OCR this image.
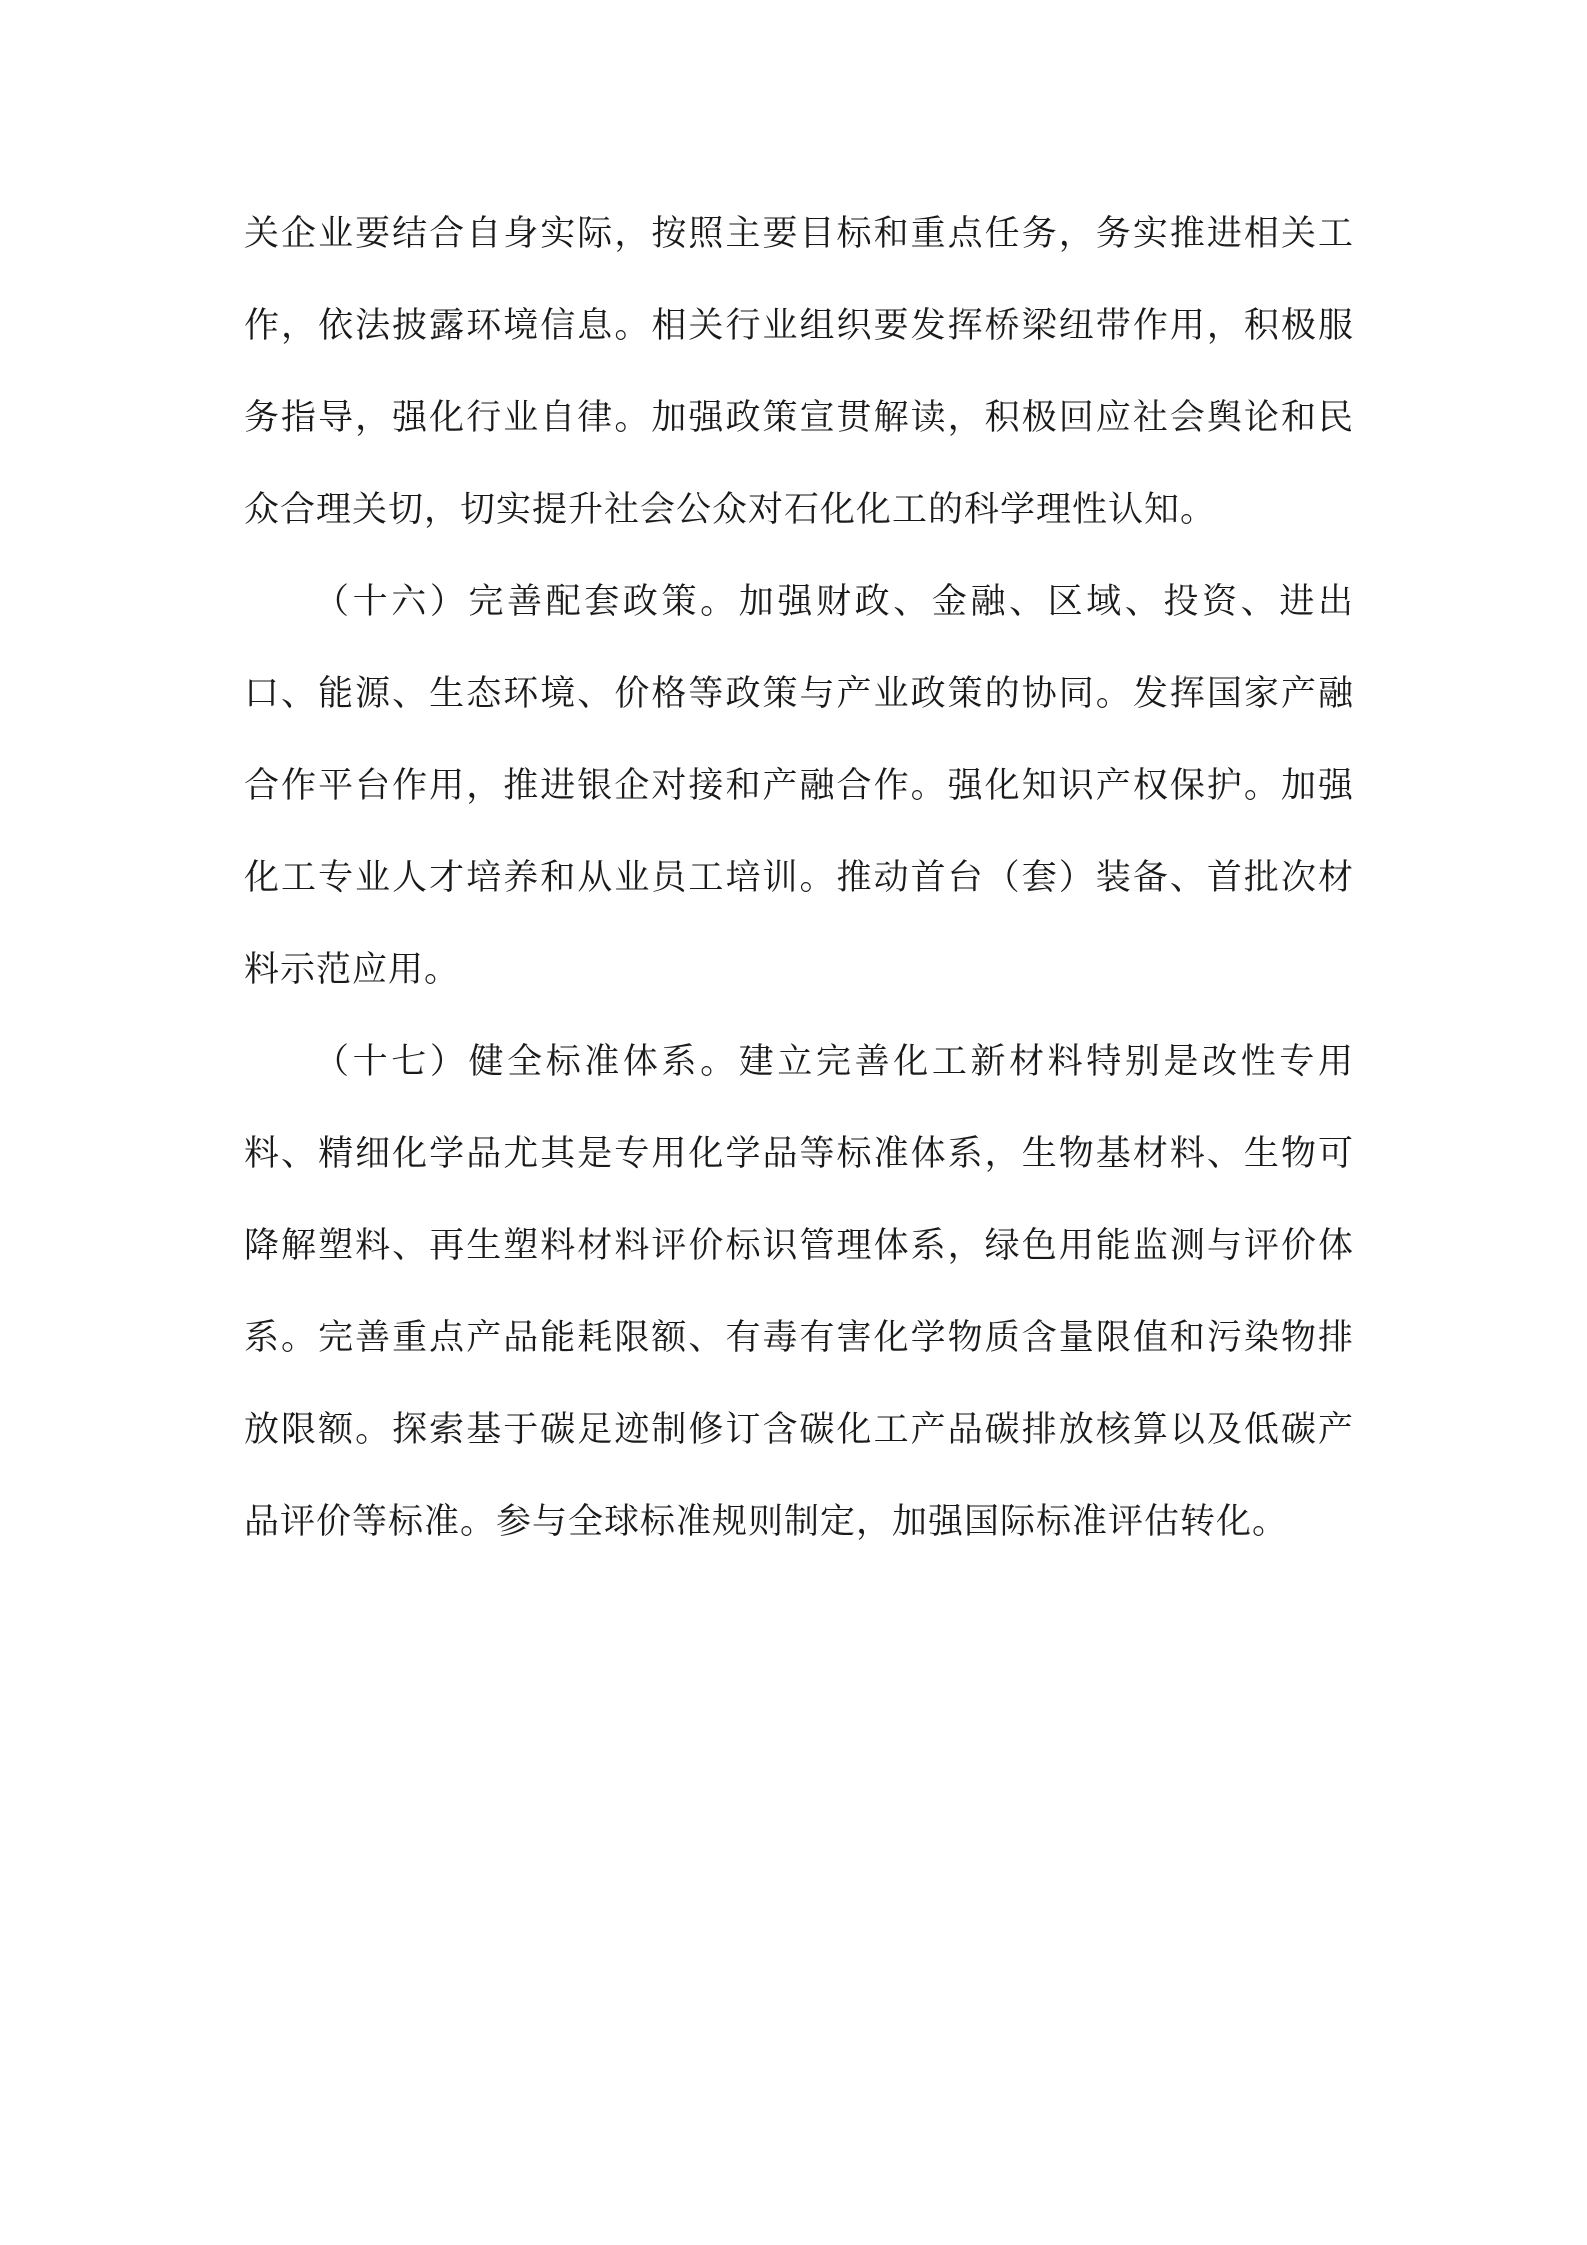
关企业要结合自身实际，按照主要目标和重点任务，务实推进相关工作，依法披露环境信息。相关行业组织要发挥桥梁纽带作用，积极服务指导，强化行业自律。加强政策宣贯解读，积极回应社会舆论和民众合理关切，切实提升社会公众对石化化工的科学理性认知。

（十六）完善配套政策。加强财政、金融、区域、投资、进出口、能源、生态环境、价格等政策与产业政策的协同。发挥国家产融合作平台作用，推进银企对接和产融合作。强化知识产权保护。加强化工专业人才培养和从业员工培训。推动首台（套）装备、首批次材料示范应用。

（十七）健全标准体系。建立完善化工新材料特别是改性专用料、精细化学品尤其是专用化学品等标准体系，生物基材料、生物可降解塑料、再生塑料材料评价标识管理体系，绿色用能监测与评价体系。完善重点产品能耗限额、有毒有害化学物质含量限值和污染物排放限额。探索基于碳足迹制修订含碳化工产品碳排放核算以及低碳产品评价等标准。参与全球标准规则制定，加强国际标准评估转化。
